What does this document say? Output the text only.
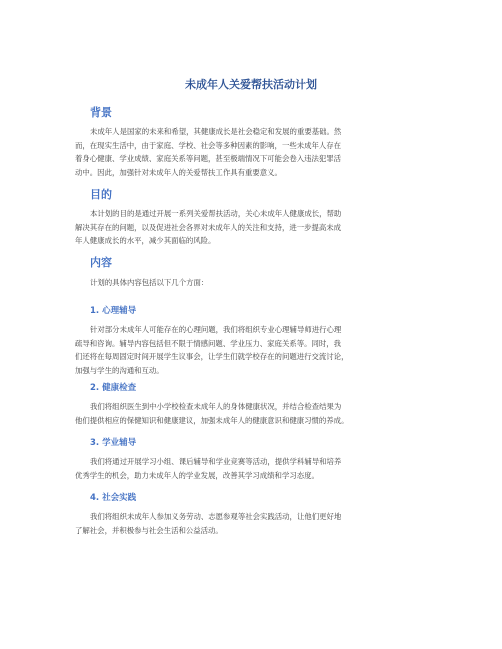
未成年人关爱帮扶活动计划
背景
未成年人是国家的未来和希望，其健康成长是社会稳定和发展的重要基础。然
而，在现实生活中，由于家庭、学校、社会等多种因素的影响，一些未成年人存在
着身心健康、学业成绩、家庭关系等问题，甚至极端情况下可能会卷入违法犯罪活
动中。因此，加强针对未成年人的关爱帮扶工作具有重要意义。
目的
本计划的目的是通过开展一系列关爱帮扶活动，关心未成年人健康成长，帮助
解决其存在的问题，以及促进社会各界对未成年人的关注和支持，进一步提高未成
年人健康成长的水平，减少其面临的风险。
内容
计划的具体内容包括以下几个方面：
1. 心理辅导
针对部分未成年人可能存在的心理问题，我们将组织专业心理辅导师进行心理
疏导和咨询。辅导内容包括但不限于情感问题、学业压力、家庭关系等。同时，我
们还将在每周固定时间开展学生议事会，让学生们就学校存在的问题进行交流讨论，
加强与学生的沟通和互动。
2. 健康检查
我们将组织医生到中小学校检查未成年人的身体健康状况，并结合检查结果为
他们提供相应的保健知识和健康建议，加强未成年人的健康意识和健康习惯的养成。
3. 学业辅导
我们将通过开展学习小组、课后辅导和学业竞赛等活动，提供学科辅导和培养
优秀学生的机会，助力未成年人的学业发展，改善其学习成绩和学习态度。
4. 社会实践
我们将组织未成年人参加义务劳动、志愿参观等社会实践活动，让他们更好地
了解社会，并积极参与社会生活和公益活动。
